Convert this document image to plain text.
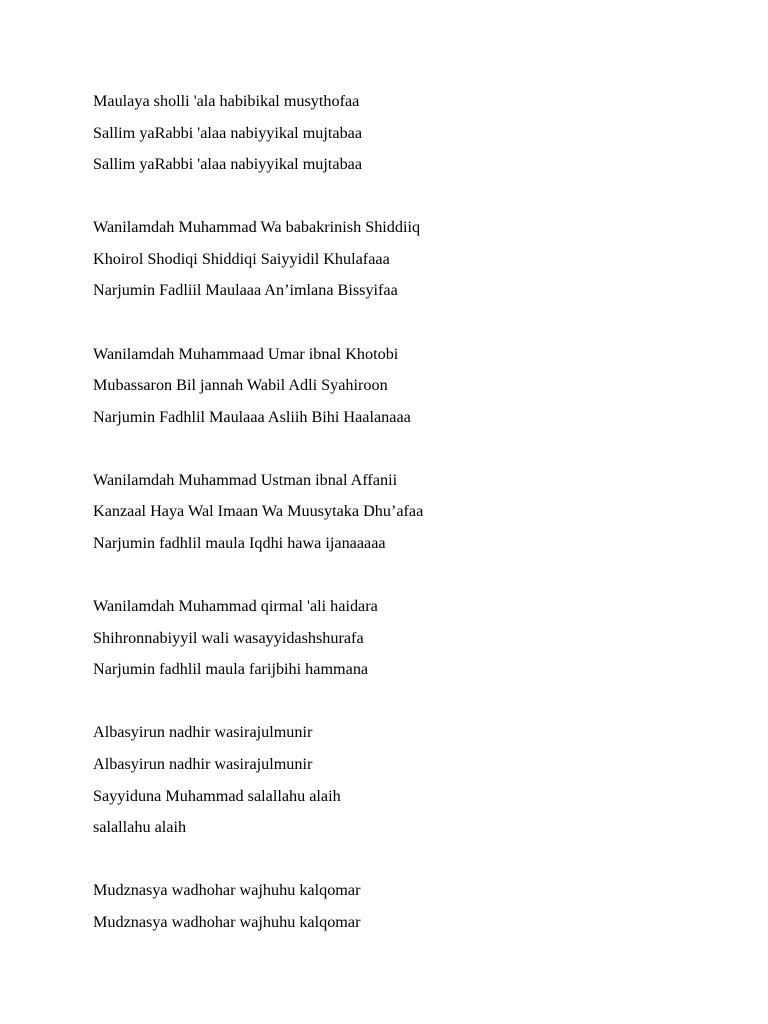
Maulaya sholli 'ala habibikal musythofaa

Sallim yaRabbi 'alaa nabiyyikal mujtabaa

Sallim yaRabbi 'alaa nabiyyikal mujtabaa

Wanilamdah Muhammad Wa babakrinish Shiddiiq

Khoirol Shodiqi Shiddiqi Saiyyidil Khulafaaa

Narjumin Fadliil Maulaaa An’imlana Bissyifaa

Wanilamdah Muhammaad Umar ibnal Khotobi

Mubassaron Bil jannah Wabil Adli Syahiroon

Narjumin Fadhlil Maulaaa Asliih Bihi Haalanaaa

Wanilamdah Muhammad Ustman ibnal Affanii

Kanzaal Haya Wal Imaan Wa Muusytaka Dhu’afaa

Narjumin fadhlil maula Iqdhi hawa ijanaaaaa

Wanilamdah Muhammad qirmal 'ali haidara

Shihronnabiyyil wali wasayyidashshurafa

Narjumin fadhlil maula farijbihi hammana

Albasyirun nadhir wasirajulmunir

Albasyirun nadhir wasirajulmunir

Sayyiduna Muhammad salallahu alaih

salallahu alaih

Mudznasya wadhohar wajhuhu kalqomar

Mudznasya wadhohar wajhuhu kalqomar
